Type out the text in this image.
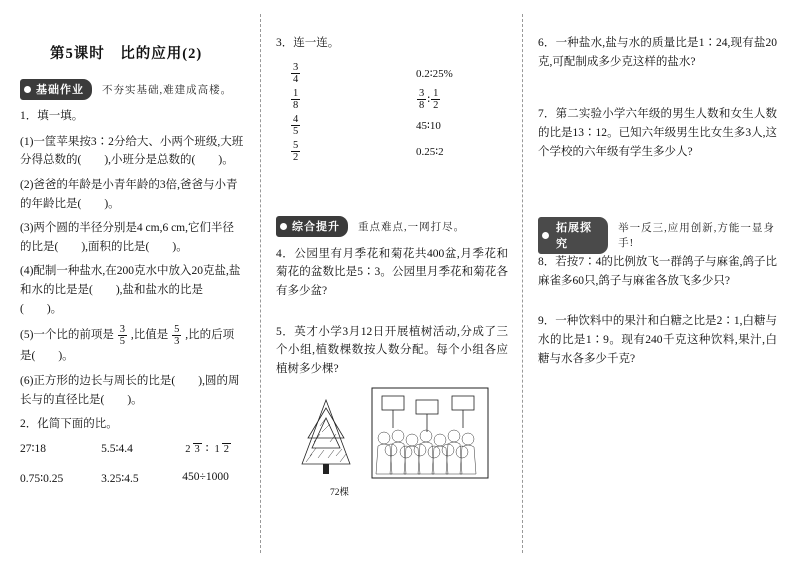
第5课时　比的应用(2)
基础作业	不夯实基础,难建成高楼。
1．填一填。
(1)一筐苹果按3∶2分给大、小两个班级,大班分得总数的(　　),小班分是总数的(　　)。
(2)爸爸的年龄是小青年龄的3倍,爸爸与小青的年龄比是(　　)。
(3)两个圆的半径分别是4 cm,6 cm,它们半径的比是(　　),面积的比是(　　)。
(4)配制一种盐水,在200克水中放入20克盐,盐和水的比是是(　　),盐和盐水的比是(　　)。
(5)一个比的前项是 $\frac{3}{5}$ ,比值是 $\frac{5}{3}$ ,比的后项是(　　)。
(6)正方形的边长与周长的比是(　　),圆的周长与的直径比是(　　)。
2．化简下面的比。
27∶18	5.5∶4.4	2 3 ∶ 1 2
0.75∶0.25	3.25∶4.5	450÷1000
3．连一连。
$\frac{3}{4}$
$\frac{1}{8}$
$\frac{4}{5}$
$\frac{5}{2}$
0.2∶25%
$\frac{3}{8}$ ∶ $\frac{1}{2}$
45∶10
0.25∶2
综合提升	重点难点,一网打尽。
4．公园里有月季花和菊花共400盆,月季花和菊花的盆数比是5∶3。公园里月季花和菊花各有多少盆?
5．英才小学3月12日开展植树活动,分成了三个小组,植数棵数按人数分配。每个小组各应植树多少棵?
72棵
6．一种盐水,盐与水的质量比是1∶24,现有盐20克,可配制成多少克这样的盐水?
7．第二实验小学六年级的男生人数和女生人数的比是13∶12。已知六年级男生比女生多3人,这个学校的六年级有学生多少人?
拓展探究
举一反三,应用创新,方能一显身手!
8．若按7∶4的比例放飞一群鸽子与麻雀,鸽子比麻雀多60只,鸽子与麻雀各放飞多少只?
9．一种饮料中的果汁和白糖之比是2∶1,白糖与水的比是1∶9。现有240千克这种饮料,果汁,白糖与水各多少千克?
